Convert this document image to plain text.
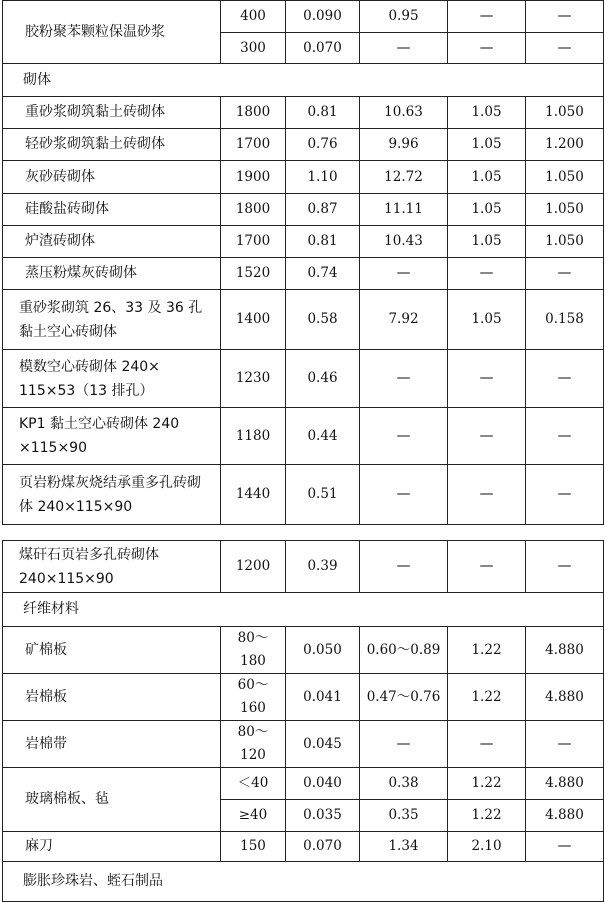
胶粉聚苯颗粒保温砂浆	400	0.090	0.95	—	—
	300	0.070	—	—	—
砌体					
重砂浆砌筑黏土砖砌体	1800	0.81	10.63	1.05	1.050
轻砂浆砌筑黏土砖砌体	1700	0.76	9.96	1.05	1.200
灰砂砖砌体	1900	1.10	12.72	1.05	1.050
硅酸盐砖砌体	1800	0.87	11.11	1.05	1.050
炉渣砖砌体	1700	0.81	10.43	1.05	1.050
蒸压粉煤灰砖砌体	1520	0.74	—	—	—
重砂浆砌筑 26、33 及 36 孔黏土空心砖砌体	1400	0.58	7.92	1.05	0.158
模数空心砖砌体 240× 115×53（13 排孔）	1230	0.46	—	—	—
KP1 黏土空心砖砌体 240 ×115×90	1180	0.44	—	—	—
页岩粉煤灰烧结承重多孔砖砌体 240×115×90	1440	0.51	—	—	—
煤矸石页岩多孔砖砌体 240×115×90	1200	0.39	—	—	—
纤维材料					
矿棉板	80～180	0.050	0.60～0.89	1.22	4.880
岩棉板	60～160	0.041	0.47～0.76	1.22	4.880
岩棉带	80～120	0.045	—	—	—
玻璃棉板、毡	＜40	0.040	0.38	1.22	4.880
	≥40	0.035	0.35	1.22	4.880
麻刀	150	0.070	1.34	2.10	—
膨胀珍珠岩、蛭石制品					
